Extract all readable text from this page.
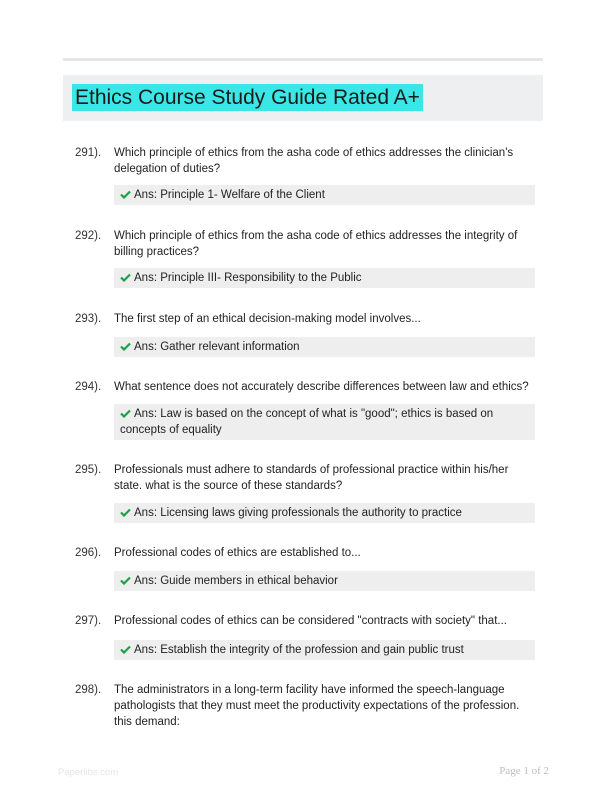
Ethics Course Study Guide Rated A+
291). Which principle of ethics from the asha code of ethics addresses the clinician's delegation of duties?
Ans: Principle 1- Welfare of the Client
292). Which principle of ethics from the asha code of ethics addresses the integrity of billing practices?
Ans: Principle III- Responsibility to the Public
293). The first step of an ethical decision-making model involves...
Ans: Gather relevant information
294). What sentence does not accurately describe differences between law and ethics?
Ans: Law is based on the concept of what is "good"; ethics is based on concepts of equality
295). Professionals must adhere to standards of professional practice within his/her state. what is the source of these standards?
Ans: Licensing laws giving professionals the authority to practice
296). Professional codes of ethics are established to...
Ans: Guide members in ethical behavior
297). Professional codes of ethics can be considered "contracts with society" that...
Ans: Establish the integrity of the profession and gain public trust
298). The administrators in a long-term facility have informed the speech-language pathologists that they must meet the productivity expectations of the profession. this demand:
Paperlibs.com	Page 1 of 2
